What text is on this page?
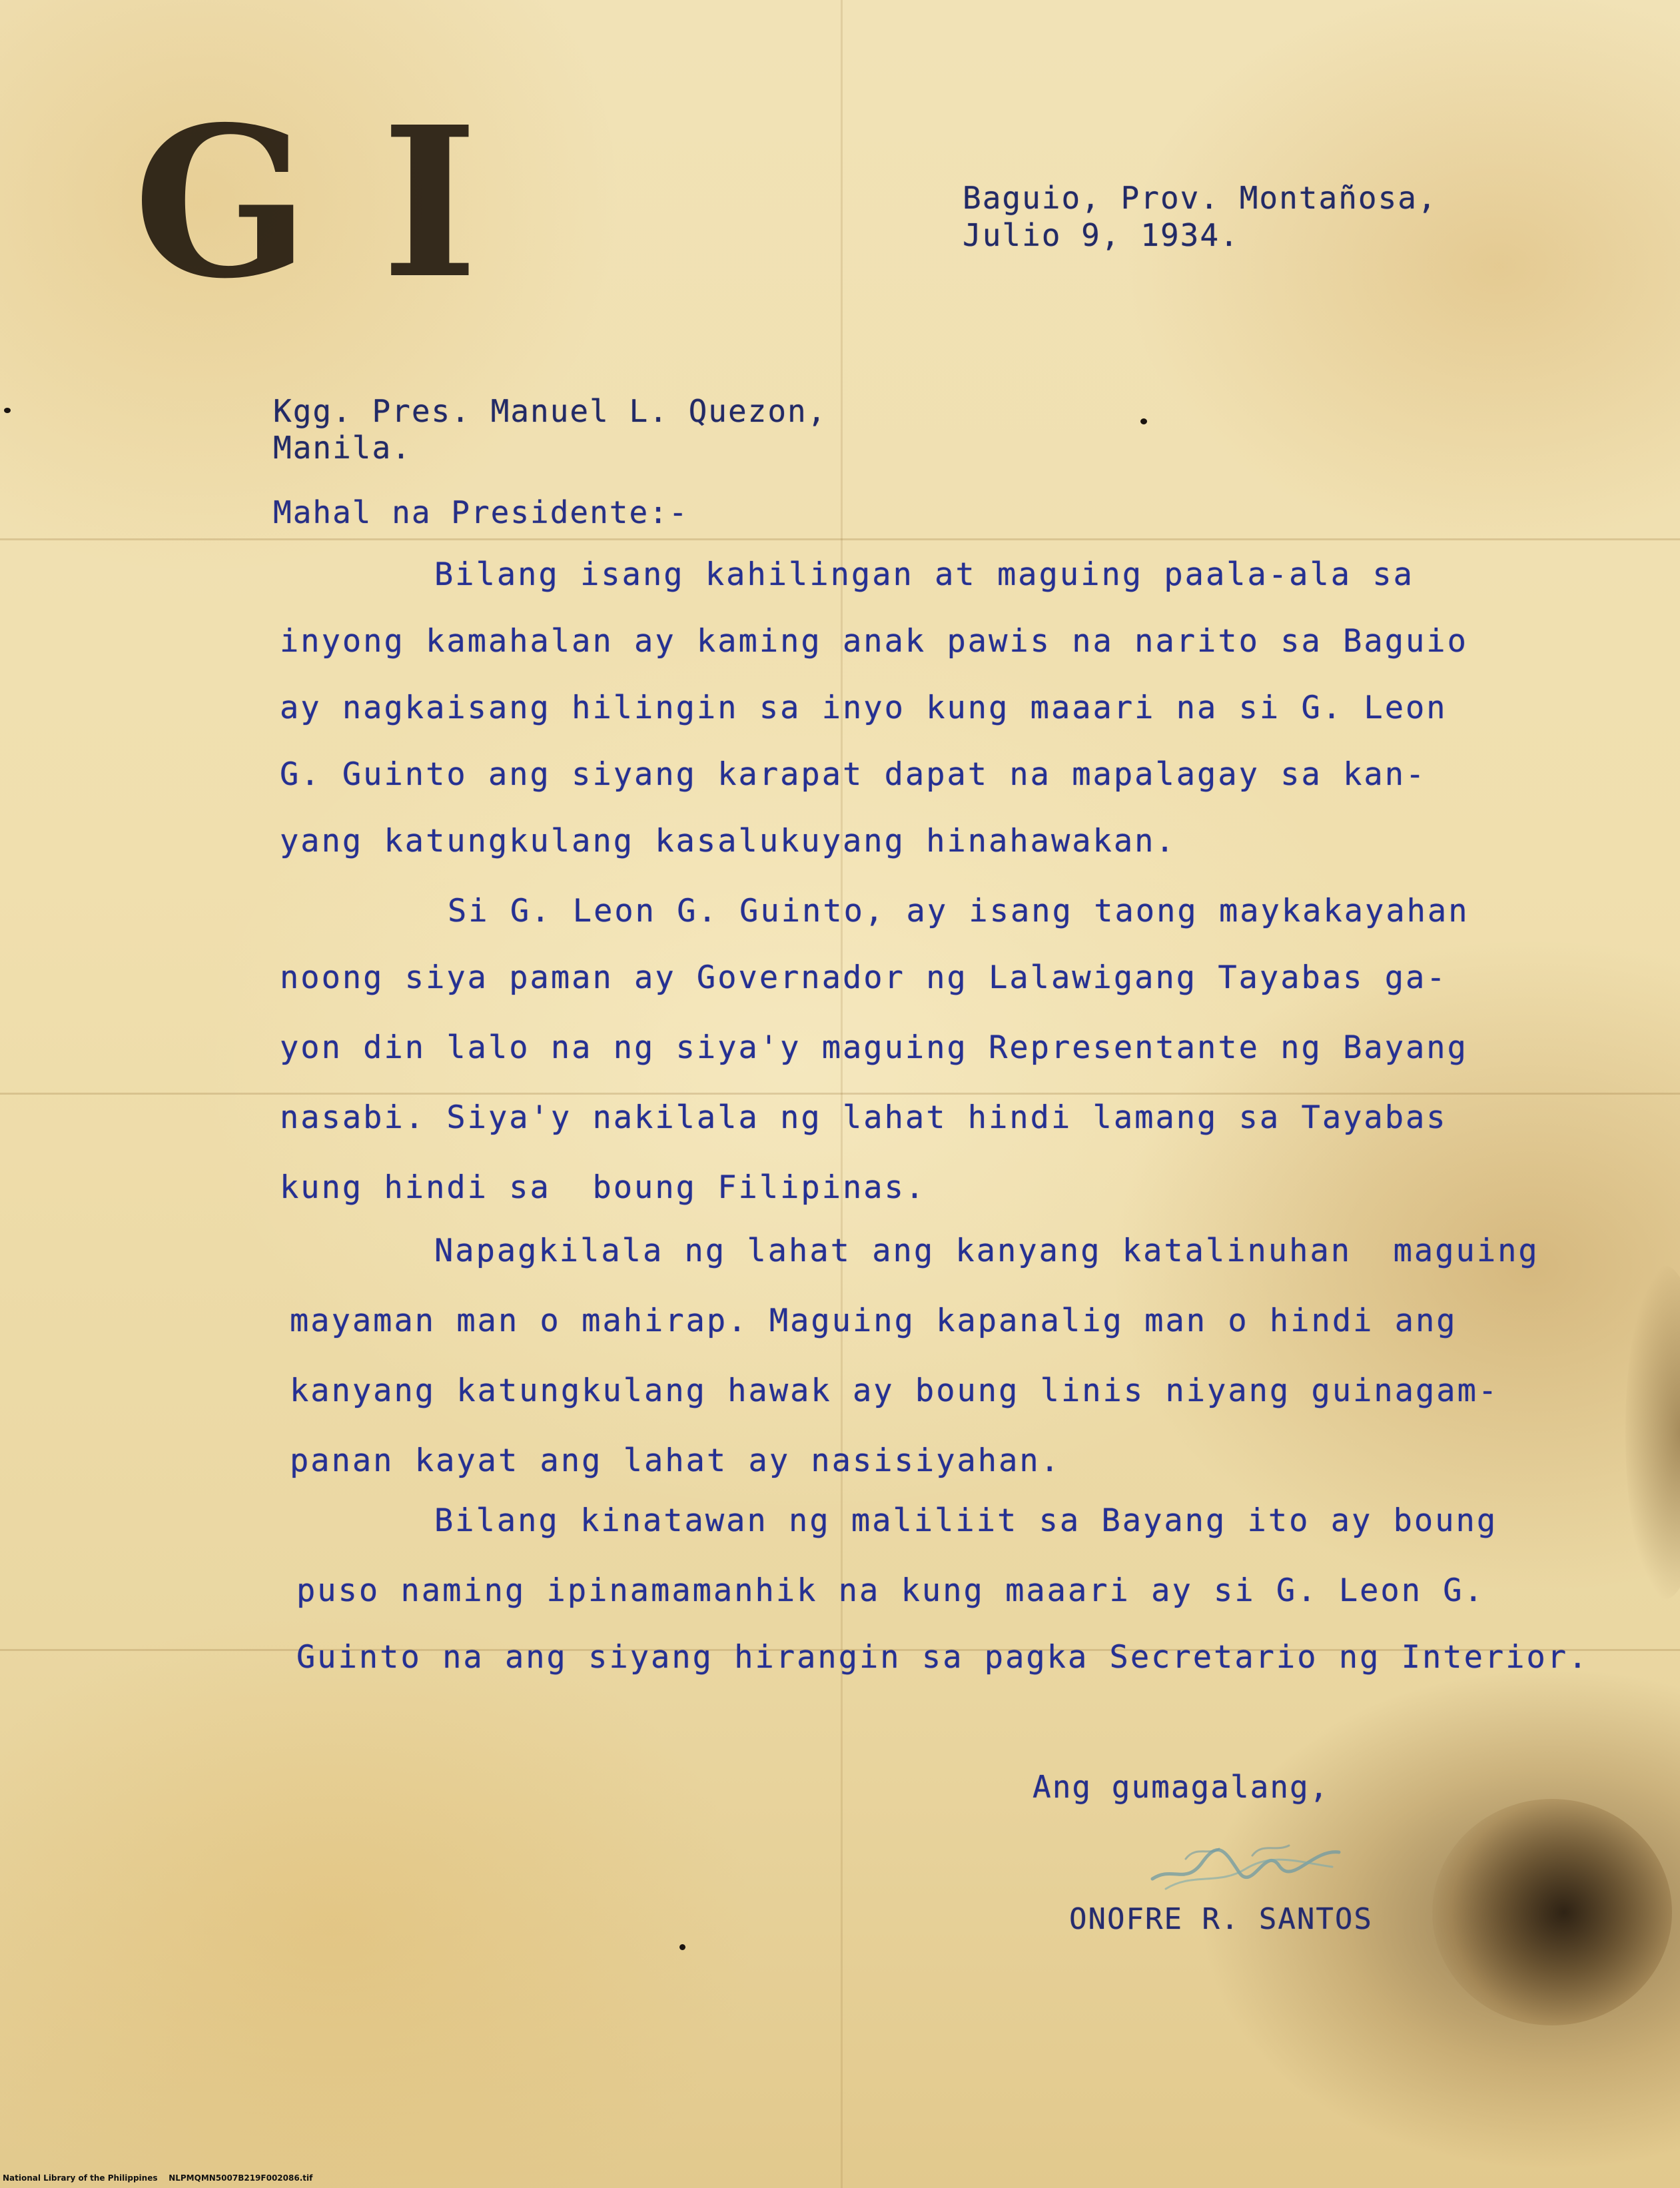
G I	Baguio, Prov. Montañosa,
Julio 9, 1934.
Kgg. Pres. Manuel L. Quezon,
Manila.
Mahal na Presidente:-
Bilang isang kahilingan at maguing paala-ala sa
inyong kamahalan ay kaming anak pawis na narito sa Baguio
ay nagkaisang hilingin sa inyo kung maaari na si G. Leon
G. Guinto ang siyang karapat dapat na mapalagay sa kan-
yang katungkulang kasalukuyang hinahawakan.
Si G. Leon G. Guinto, ay isang taong maykakayahan
noong siya paman ay Governador ng Lalawigang Tayabas ga-
yon din lalo na ng siya'y maguing Representante ng Bayang
nasabi. Siya'y nakilala ng lahat hindi lamang sa Tayabas
kung hindi sa  boung Filipinas.
Napagkilala ng lahat ang kanyang katalinuhan  maguing
mayaman man o mahirap. Maguing kapanalig man o hindi ang
kanyang katungkulang hawak ay boung linis niyang guinagam-
panan kayat ang lahat ay nasisiyahan.
Bilang kinatawan ng maliliit sa Bayang ito ay boung
puso naming ipinamamanhik na kung maaari ay si G. Leon G.
Guinto na ang siyang hirangin sa pagka Secretario ng Interior.
Ang gumagalang,
ONOFRE R. SANTOS
National Library of the Philippines    NLPMQMN5007B219F002086.tif
